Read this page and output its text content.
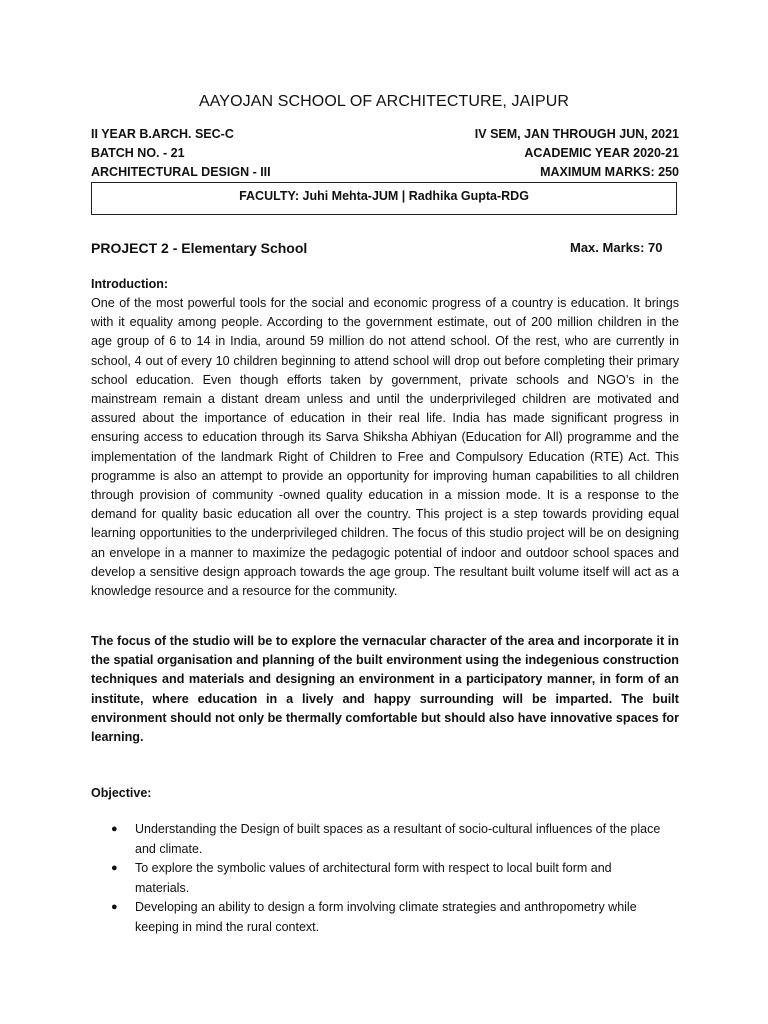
AAYOJAN SCHOOL OF ARCHITECTURE, JAIPUR
II YEAR B.ARCH. SEC-C	IV SEM, JAN THROUGH JUN, 2021
BATCH NO. - 21	ACADEMIC YEAR 2020-21
ARCHITECTURAL DESIGN - III	MAXIMUM MARKS: 250
FACULTY: Juhi Mehta-JUM | Radhika Gupta-RDG
PROJECT 2 - Elementary School	Max. Marks: 70
Introduction:

One of the most powerful tools for the social and economic progress of a country is education. It brings with it equality among people. According to the government estimate, out of 200 million children in the age group of 6 to 14 in India, around 59 million do not attend school. Of the rest, who are currently in school, 4 out of every 10 children beginning to attend school will drop out before completing their primary school education. Even though efforts taken by government, private schools and NGO’s in the mainstream remain a distant dream unless and until the underprivileged children are motivated and assured about the importance of education in their real life. India has made significant progress in ensuring access to education through its Sarva Shiksha Abhiyan (Education for All) programme and the implementation of the landmark Right of Children to Free and Compulsory Education (RTE) Act. This programme is also an attempt to provide an opportunity for improving human capabilities to all children through provision of community -owned quality education in a mission mode. It is a response to the demand for quality basic education all over the country. This project is a step towards providing equal learning opportunities to the underprivileged children. The focus of this studio project will be on designing an envelope in a manner to maximize the pedagogic potential of indoor and outdoor school spaces and develop a sensitive design approach towards the age group. The resultant built volume itself will act as a knowledge resource and a resource for the community.

The focus of the studio will be to explore the vernacular character of the area and incorporate it in the spatial organisation and planning of the built environment using the indegenious construction techniques and materials and designing an environment in a participatory manner, in form of an institute, where education in a lively and happy surrounding will be imparted. The built environment should not only be thermally comfortable but should also have innovative spaces for learning.

Objective:
● Understanding the Design of built spaces as a resultant of socio-cultural influences of the place and climate.
● To explore the symbolic values of architectural form with respect to local built form and materials.
● Developing an ability to design a form involving climate strategies and anthropometry while keeping in mind the rural context.
